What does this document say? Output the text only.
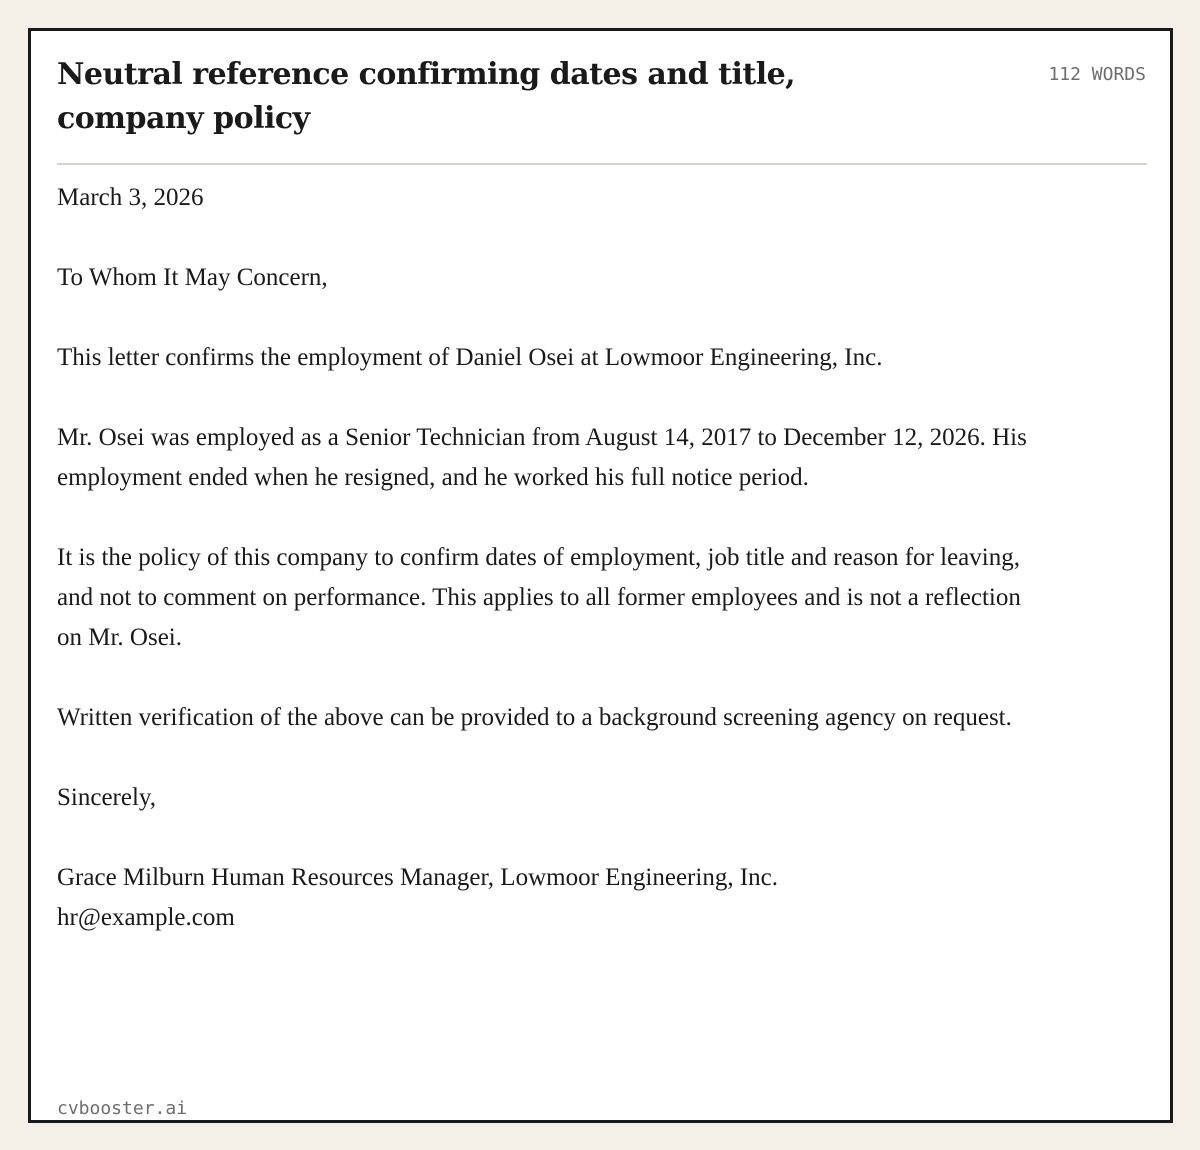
Neutral reference confirming dates and title, company policy
112 WORDS

March 3, 2026

To Whom It May Concern,

This letter confirms the employment of Daniel Osei at Lowmoor Engineering, Inc.

Mr. Osei was employed as a Senior Technician from August 14, 2017 to December 12, 2026. His employment ended when he resigned, and he worked his full notice period.

It is the policy of this company to confirm dates of employment, job title and reason for leaving, and not to comment on performance. This applies to all former employees and is not a reflection on Mr. Osei.

Written verification of the above can be provided to a background screening agency on request.

Sincerely,

Grace Milburn Human Resources Manager, Lowmoor Engineering, Inc.

hr@example.com

cvbooster.ai
